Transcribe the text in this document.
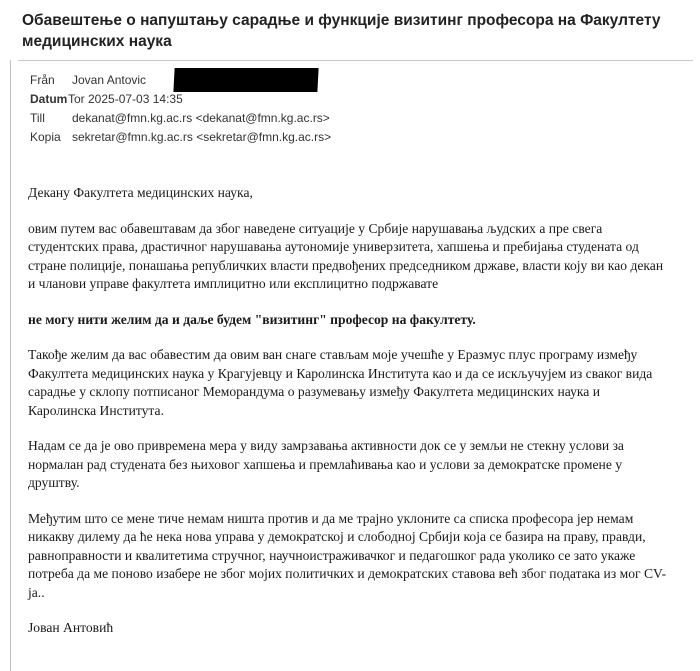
Обавештење о напуштању сарадње и функције визитинг професора на Факултету медицинских наука
Från	Jovan Antovic
Datum Tor 2025-07-03 14:35
Till	dekanat@fmn.kg.ac.rs <dekanat@fmn.kg.ac.rs>
Kopia sekretar@fmn.kg.ac.rs <sekretar@fmn.kg.ac.rs>

Декану Факултета медицинских наука,

овим путем вас обавештавам да због наведене ситуације у Србије нарушавања људских а пре свега студентских права, драстичног нарушавања аутономије универзитета, хапшења и пребијања студената од стране полиције, понашања републичких власти предвођених председником државе, власти коју ви као декан и чланови управе факултета имплицитно или експлицитно подржавате

не могу нити желим да и даље будем "визитинг" професор на факултету.

Такође желим да вас обавестим да овим ван снаге стављам моје учешће у Еразмус плус програму између Факултета медицинских наука у Крагујевцу и Каролинска Института као и да се искључујем из сваког вида сарадње у склопу потписаног Меморандума о разумевању између Факултета медицинских наука и Каролинска Института.

Надам се да је ово привремена мера у виду замрзавања активности док се у земљи не стекну услови за нормалан рад студената без њиховог хапшења и премлаћивања као и услови за демократске промене у друштву.

Међутим што се мене тиче немам ништа против и да ме трајно уклоните са списка професора јер немам никакву дилему да ће нека нова управа у демократској и слободној Србији која се базира на праву, правди, равноправности и квалитетима стручног, научноистраживачког и педагошког рада уколико се зато укаже потреба да ме поново изабере не због мојих политичких и демократских ставова већ због података из мог CV-ja..

Јован Антовић
